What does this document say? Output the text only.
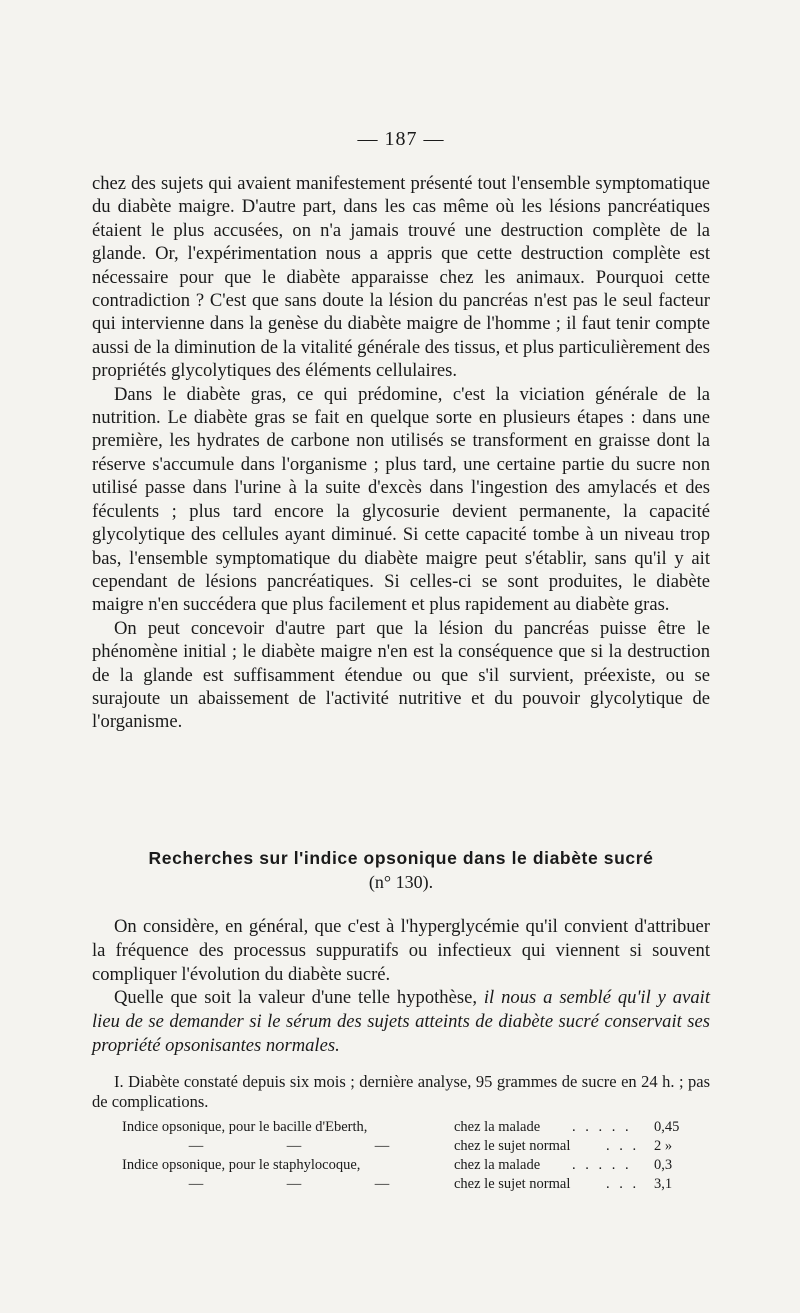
— 187 —

chez des sujets qui avaient manifestement présenté tout l'ensemble symptomatique du diabète maigre. D'autre part, dans les cas même où les lésions pancréatiques étaient le plus accusées, on n'a jamais trouvé une destruction complète de la glande. Or, l'expérimentation nous a appris que cette destruction complète est nécessaire pour que le diabète apparaisse chez les animaux. Pourquoi cette contradiction ? C'est que sans doute la lésion du pancréas n'est pas le seul facteur qui intervienne dans la genèse du diabète maigre de l'homme ; il faut tenir compte aussi de la diminution de la vitalité générale des tissus, et plus particulièrement des propriétés glycolytiques des éléments cellulaires.

Dans le diabète gras, ce qui prédomine, c'est la viciation générale de la nutrition. Le diabète gras se fait en quelque sorte en plusieurs étapes : dans une première, les hydrates de carbone non utilisés se transforment en graisse dont la réserve s'accumule dans l'organisme ; plus tard, une certaine partie du sucre non utilisé passe dans l'urine à la suite d'excès dans l'ingestion des amylacés et des féculents ; plus tard encore la glycosurie devient permanente, la capacité glycolytique des cellules ayant diminué. Si cette capacité tombe à un niveau trop bas, l'ensemble symptomatique du diabète maigre peut s'établir, sans qu'il y ait cependant de lésions pancréatiques. Si celles-ci se sont produites, le diabète maigre n'en succédera que plus facilement et plus rapidement au diabète gras.

On peut concevoir d'autre part que la lésion du pancréas puisse être le phénomène initial ; le diabète maigre n'en est la conséquence que si la destruction de la glande est suffisamment étendue ou que s'il survient, préexiste, ou se surajoute un abaissement de l'activité nutritive et du pouvoir glycolytique de l'organisme.

Recherches sur l'indice opsonique dans le diabète sucré
(n° 130).

On considère, en général, que c'est à l'hyperglycémie qu'il convient d'attribuer la fréquence des processus suppuratifs ou infectieux qui viennent si souvent compliquer l'évolution du diabète sucré.

Quelle que soit la valeur d'une telle hypothèse, il nous a semblé qu'il y avait lieu de se demander si le sérum des sujets atteints de diabète sucré conservait ses propriété opsonisantes normales.

I. Diabète constaté depuis six mois ; dernière analyse, 95 grammes de sucre en 24 h. ; pas de complications.

Indice opsonique, pour le bacille d'Eberth,	chez la malade . . . . . 0,45
—	—	—	chez le sujet normal . . . 2 »
Indice opsonique, pour le staphylocoque,	chez la malade . . . . . 0,3
—	—	—	chez le sujet normal . . . 3,1
